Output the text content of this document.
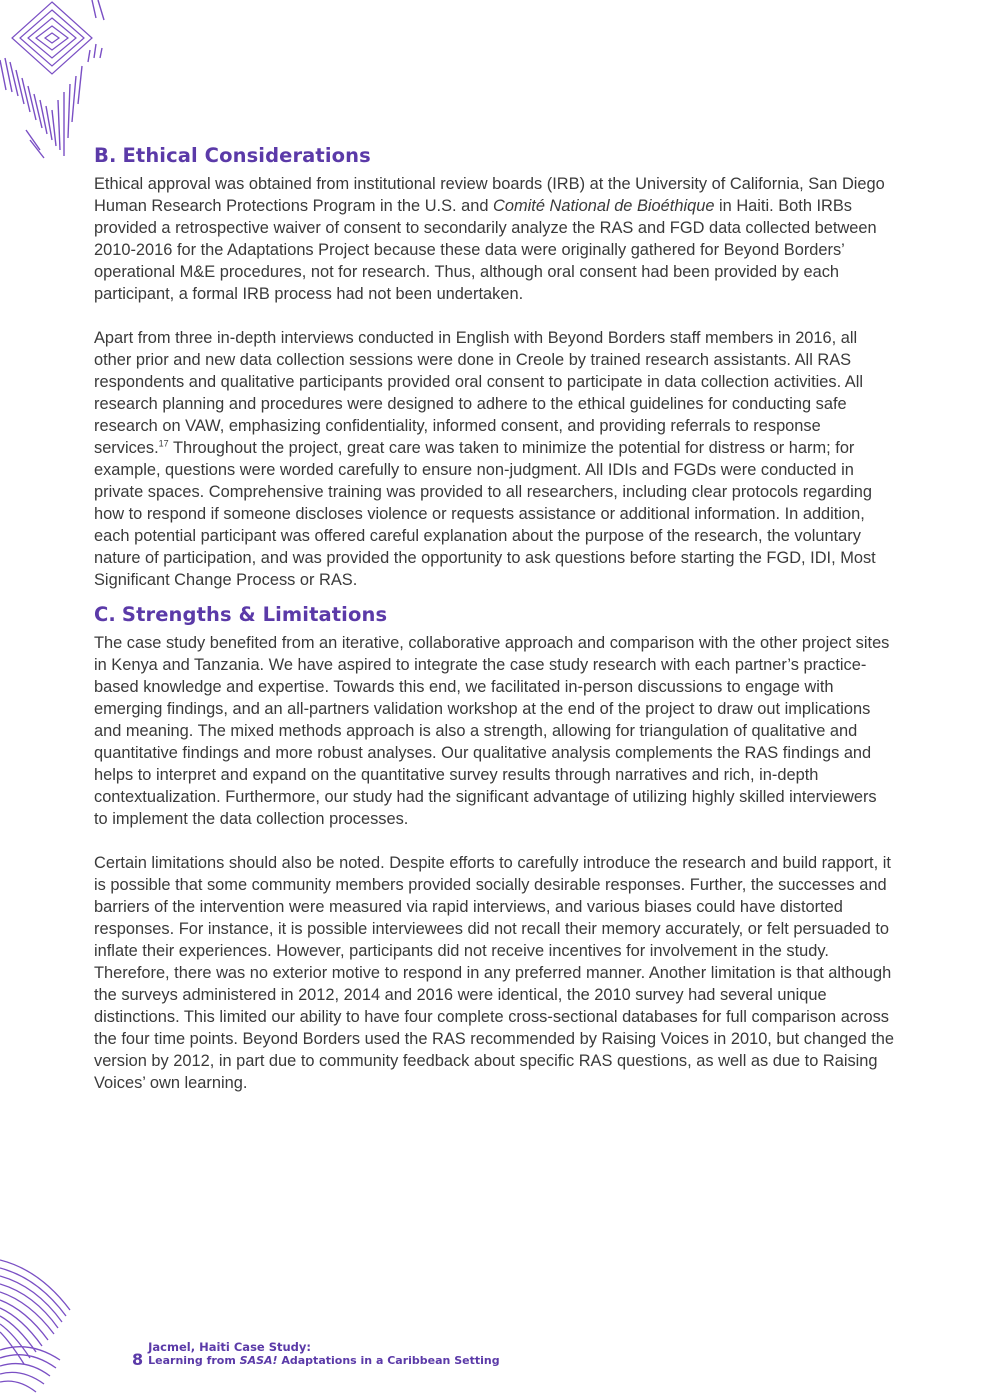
B. Ethical Considerations

Ethical approval was obtained from institutional review boards (IRB) at the University of California, San Diego Human Research Protections Program in the U.S. and Comité National de Bioéthique in Haiti. Both IRBs provided a retrospective waiver of consent to secondarily analyze the RAS and FGD data collected between 2010-2016 for the Adaptations Project because these data were originally gathered for Beyond Borders’ operational M&E procedures, not for research. Thus, although oral consent had been provided by each participant, a formal IRB process had not been undertaken.

Apart from three in-depth interviews conducted in English with Beyond Borders staff members in 2016, all other prior and new data collection sessions were done in Creole by trained research assistants. All RAS respondents and qualitative participants provided oral consent to participate in data collection activities. All research planning and procedures were designed to adhere to the ethical guidelines for conducting safe research on VAW, emphasizing confidentiality, informed consent, and providing referrals to response services.$^{17}$ Throughout the project, great care was taken to minimize the potential for distress or harm; for example, questions were worded carefully to ensure non-judgment. All IDIs and FGDs were conducted in private spaces. Comprehensive training was provided to all researchers, including clear protocols regarding how to respond if someone discloses violence or requests assistance or additional information. In addition, each potential participant was offered careful explanation about the purpose of the research, the voluntary nature of participation, and was provided the opportunity to ask questions before starting the FGD, IDI, Most Significant Change Process or RAS.

C. Strengths & Limitations

The case study benefited from an iterative, collaborative approach and comparison with the other project sites in Kenya and Tanzania. We have aspired to integrate the case study research with each partner’s practice-based knowledge and expertise. Towards this end, we facilitated in-person discussions to engage with emerging findings, and an all-partners validation workshop at the end of the project to draw out implications and meaning. The mixed methods approach is also a strength, allowing for triangulation of qualitative and quantitative findings and more robust analyses. Our qualitative analysis complements the RAS findings and helps to interpret and expand on the quantitative survey results through narratives and rich, in-depth contextualization. Furthermore, our study had the significant advantage of utilizing highly skilled interviewers to implement the data collection processes.

Certain limitations should also be noted. Despite efforts to carefully introduce the research and build rapport, it is possible that some community members provided socially desirable responses. Further, the successes and barriers of the intervention were measured via rapid interviews, and various biases could have distorted responses. For instance, it is possible interviewees did not recall their memory accurately, or felt persuaded to inflate their experiences. However, participants did not receive incentives for involvement in the study. Therefore, there was no exterior motive to respond in any preferred manner. Another limitation is that although the surveys administered in 2012, 2014 and 2016 were identical, the 2010 survey had several unique distinctions. This limited our ability to have four complete cross-sectional databases for full comparison across the four time points. Beyond Borders used the RAS recommended by Raising Voices in 2010, but changed the version by 2012, in part due to community feedback about specific RAS questions, as well as due to Raising Voices’ own learning.

8
Jacmel, Haiti Case Study:
Learning from SASA! Adaptations in a Caribbean Setting
